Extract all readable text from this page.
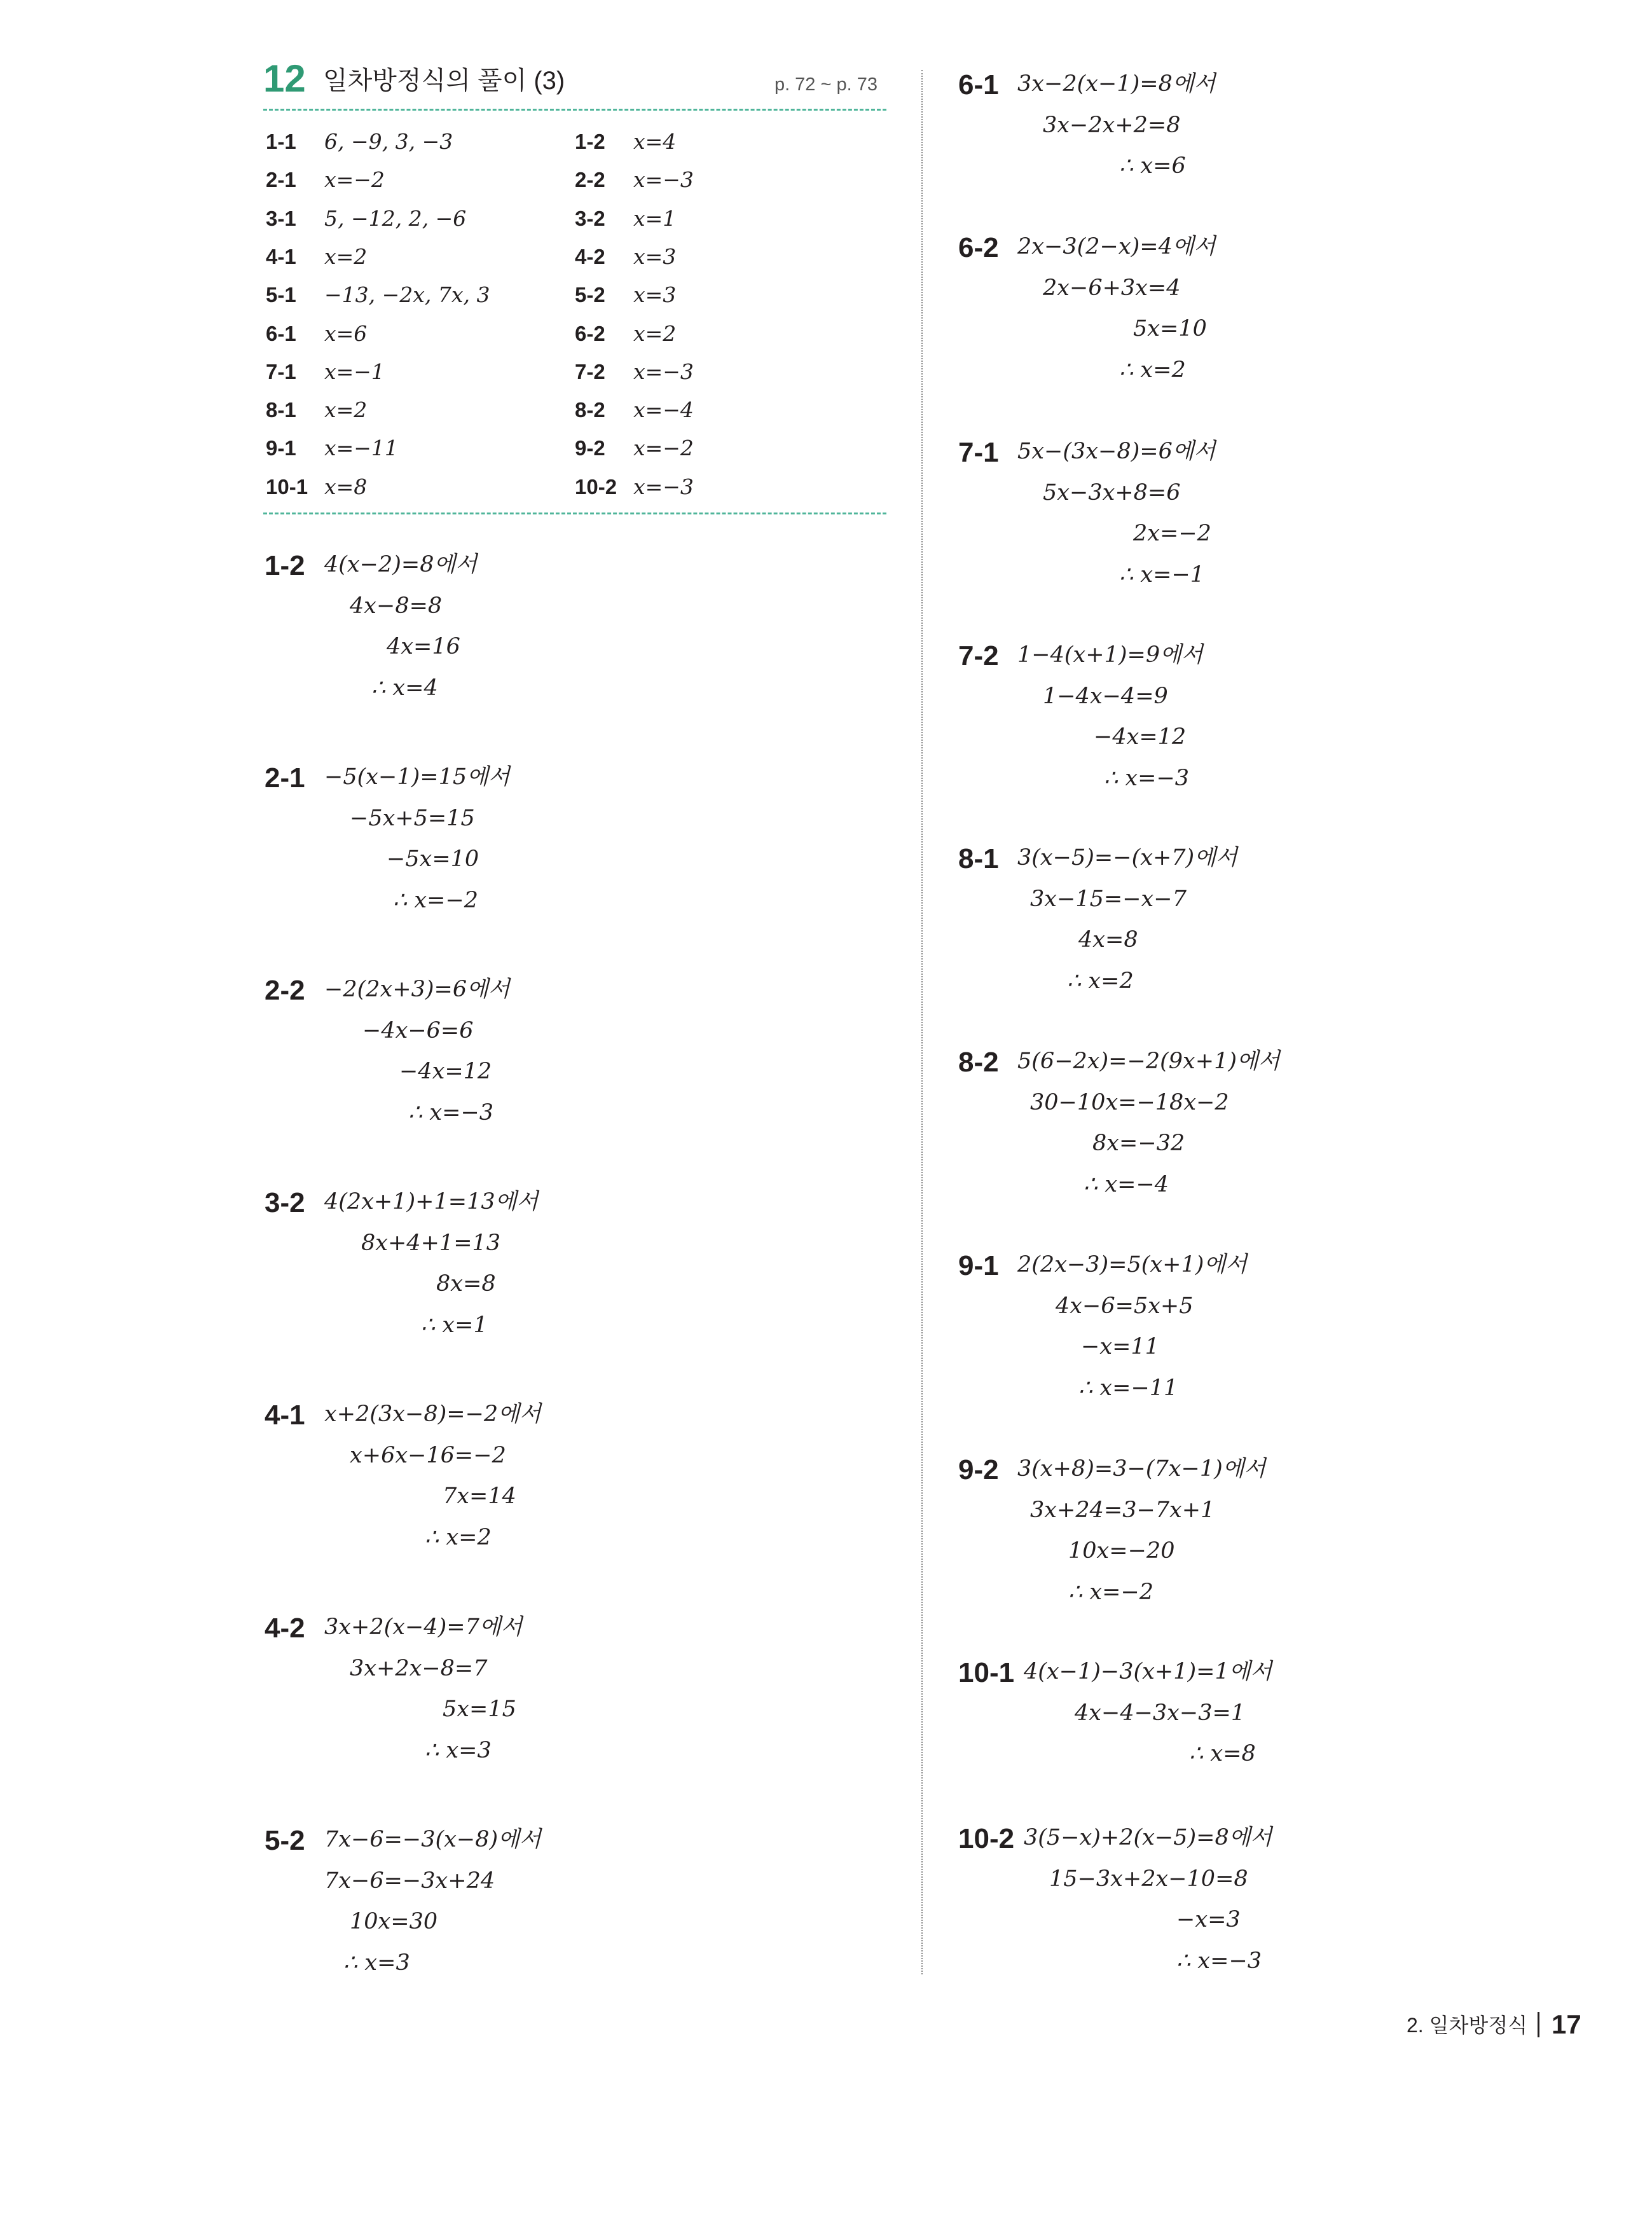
12 일차방정식의 풀이 (3)	p. 72 ~ p. 73
1-1 6, −9, 3, −3
2-1 x=−2
3-1 5, −12, 2, −6
4-1 x=2
5-1 −13, −2x, 7x, 3
6-1 x=6
7-1 x=−1
8-1 x=2
9-1 x=−11
10-1 x=8
1-2 x=4
2-2 x=−3
3-2 x=1
4-2 x=3
5-2 x=3
6-2 x=2
7-2 x=−3
8-2 x=−4
9-2 x=−2
10-2 x=−3
1-2 4(x−2)=8에서
4x−8=8
4x=16
∴ x=4
2-1 −5(x−1)=15에서
−5x+5=15
−5x=10
∴ x=−2
2-2 −2(2x+3)=6에서
−4x−6=6
−4x=12
∴ x=−3
3-2 4(2x+1)+1=13에서
8x+4+1=13
8x=8
∴ x=1
4-1 x+2(3x−8)=−2에서
x+6x−16=−2
7x=14
∴ x=2
4-2 3x+2(x−4)=7에서
3x+2x−8=7
5x=15
∴ x=3
5-2 7x−6=−3(x−8)에서
7x−6=−3x+24
10x=30
∴ x=3
6-1 3x−2(x−1)=8에서
3x−2x+2=8
∴ x=6
6-2 2x−3(2−x)=4에서
2x−6+3x=4
5x=10
∴ x=2
7-1 5x−(3x−8)=6에서
5x−3x+8=6
2x=−2
∴ x=−1
7-2 1−4(x+1)=9에서
1−4x−4=9
−4x=12
∴ x=−3
8-1 3(x−5)=−(x+7)에서
3x−15=−x−7
4x=8
∴ x=2
8-2 5(6−2x)=−2(9x+1)에서
30−10x=−18x−2
8x=−32
∴ x=−4
9-1 2(2x−3)=5(x+1)에서
4x−6=5x+5
−x=11
∴ x=−11
9-2 3(x+8)=3−(7x−1)에서
3x+24=3−7x+1
10x=−20
∴ x=−2
10-1 4(x−1)−3(x+1)=1에서
4x−4−3x−3=1
∴ x=8
10-2 3(5−x)+2(x−5)=8에서
15−3x+2x−10=8
−x=3
∴ x=−3
2. 일차방정식 17
